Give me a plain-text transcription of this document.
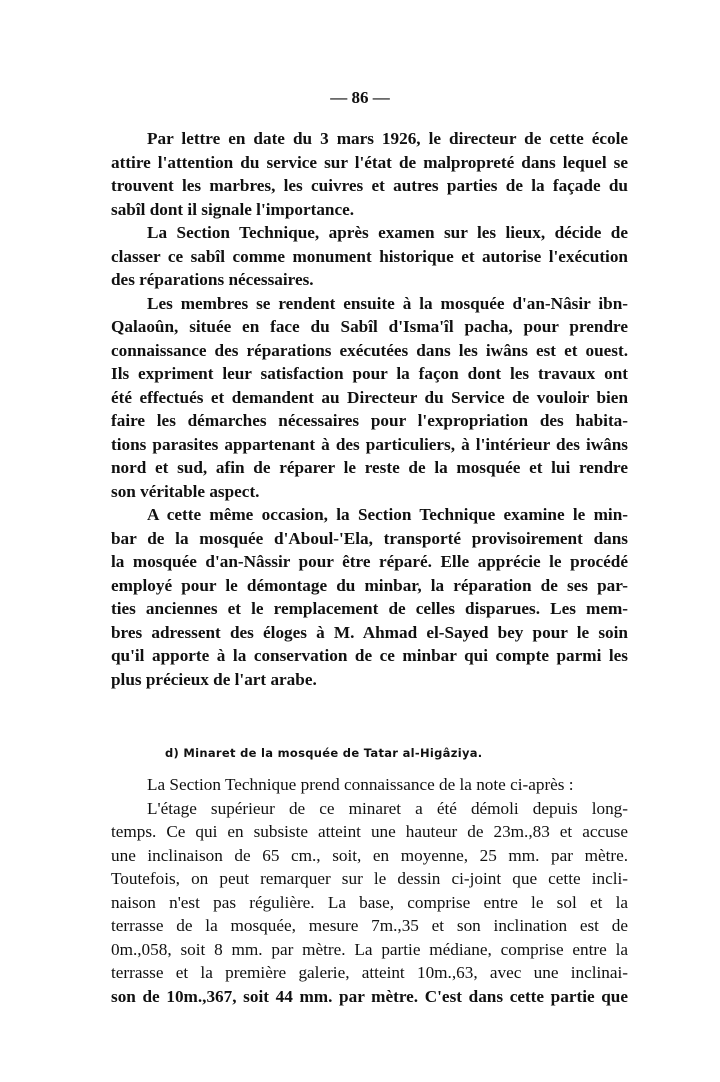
— 86 —
Par lettre en date du 3 mars 1926, le directeur de cette école
attire l'attention du service sur l'état de malpropreté dans lequel se
trouvent les marbres, les cuivres et autres parties de la façade du
sabîl dont il signale l'importance.
La Section Technique, après examen sur les lieux, décide de
classer ce sabîl comme monument historique et autorise l'exécution
des réparations nécessaires.
Les membres se rendent ensuite à la mosquée d'an-Nâsir ibn-
Qalaoûn, située en face du Sabîl d'Isma'îl pacha, pour prendre
connaissance des réparations exécutées dans les iwâns est et ouest.
Ils expriment leur satisfaction pour la façon dont les travaux ont
été effectués et demandent au Directeur du Service de vouloir bien
faire les démarches nécessaires pour l'expropriation des habita-
tions parasites appartenant à des particuliers, à l'intérieur des iwâns
nord et sud, afin de réparer le reste de la mosquée et lui rendre
son véritable aspect.
A cette même occasion, la Section Technique examine le min-
bar de la mosquée d'Aboul-'Ela, transporté provisoirement dans
la mosquée d'an-Nâssir pour être réparé. Elle apprécie le procédé
employé pour le démontage du minbar, la réparation de ses par-
ties anciennes et le remplacement de celles disparues. Les mem-
bres adressent des éloges à M. Ahmad el-Sayed bey pour le soin
qu'il apporte à la conservation de ce minbar qui compte parmi les
plus précieux de l'art arabe.
d) Minaret de la mosquée de Tatar al-Higâziya.
La Section Technique prend connaissance de la note ci-après :
L'étage supérieur de ce minaret a été démoli depuis long-
temps. Ce qui en subsiste atteint une hauteur de 23m.,83 et accuse
une inclinaison de 65 cm., soit, en moyenne, 25 mm. par mètre.
Toutefois, on peut remarquer sur le dessin ci-joint que cette incli-
naison n'est pas régulière. La base, comprise entre le sol et la
terrasse de la mosquée, mesure 7m.,35 et son inclination est de
0m.,058, soit 8 mm. par mètre. La partie médiane, comprise entre la
terrasse et la première galerie, atteint 10m.,63, avec une inclinai-
son de 10m.,367, soit 44 mm. par mètre. C'est dans cette partie que
